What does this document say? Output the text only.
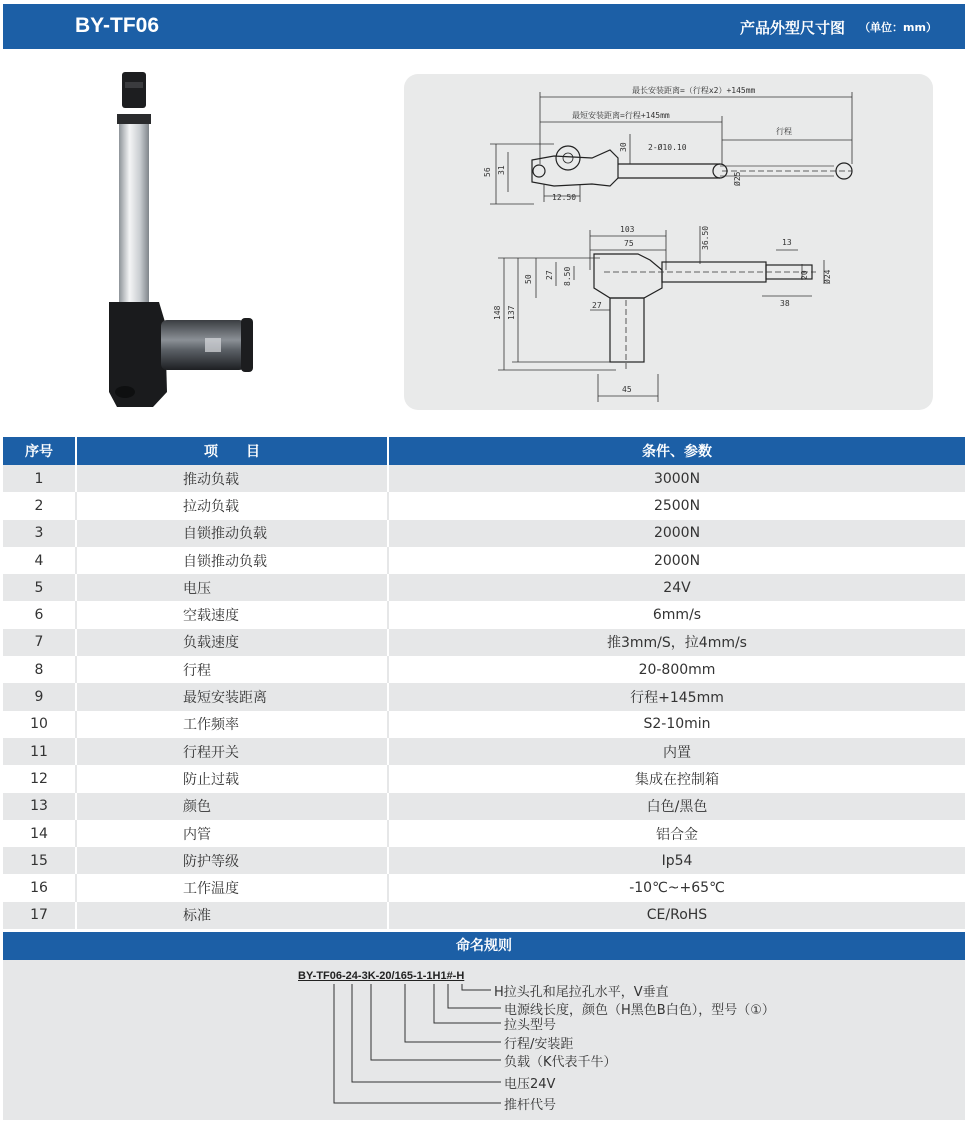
BY-TF06	产品外型尺寸图 （单位：mm）
最长安装距离=（行程x2）+145mm
最短安装距离=行程+145mm
行程
2-Ø10.10
56 31
30
12.50
Ø25
103
75	36.50	13
50 27 8.50	20 Ø24
38
148 137
27
45
序号	项　　目	条件、参数
1	推动负载	3000N
2	拉动负载	2500N
3	自锁推动负载	2000N
4	自锁推动负载	2000N
5	电压	24V
6	空载速度	6mm/s
7	负载速度	推3mm/S，拉4mm/s
8	行程	20-800mm
9	最短安装距离	行程+145mm
10	工作频率	S2-10min
11	行程开关	内置
12	防止过载	集成在控制箱
13	颜色	白色/黑色
14	内管	铝合金
15	防护等级	Ip54
16	工作温度	-10℃~+65℃
17	标准	CE/RoHS
命名规则
BY-TF06-24-3K-20/165-1-1H1#-H
H拉头孔和尾拉孔水平，V垂直
电源线长度，颜色（H黑色B白色），型号（①）
拉头型号
行程/安装距
负载（K代表千牛）
电压24V
推杆代号
